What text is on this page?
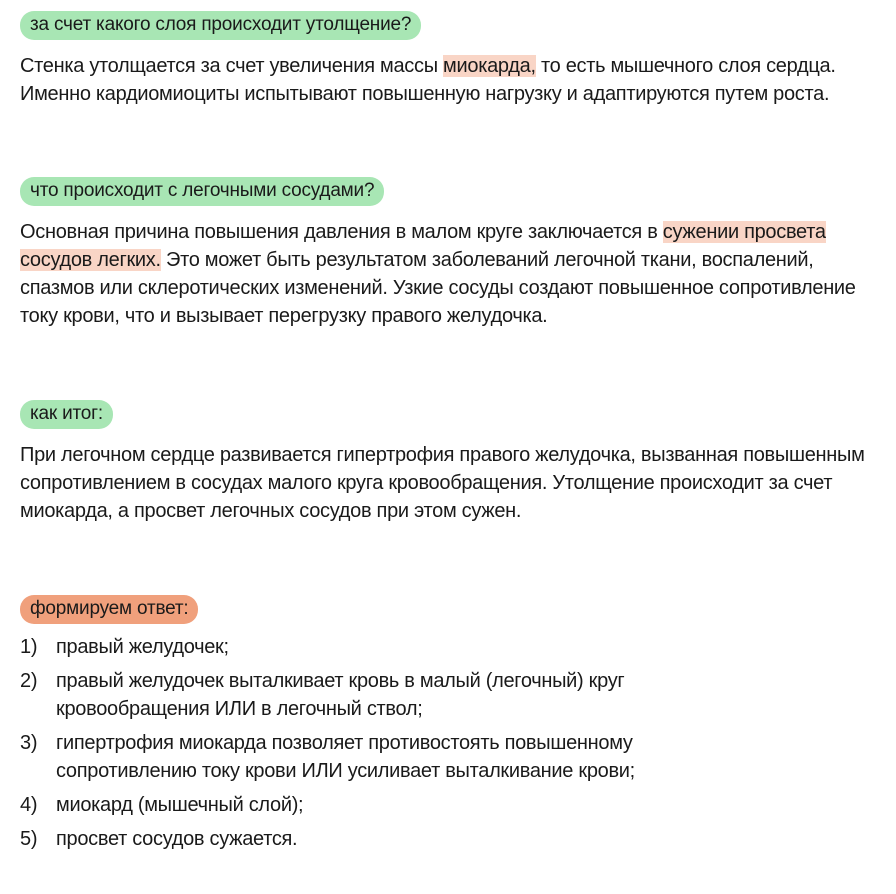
за счет какого слоя происходит утолщение?

Стенка утолщается за счет увеличения массы миокарда, то есть мышечного слоя сердца. Именно кардиомиоциты испытывают повышенную нагрузку и адаптируются путем роста.

что происходит с легочными сосудами?

Основная причина повышения давления в малом круге заключается в сужении просвета сосудов легких. Это может быть результатом заболеваний легочной ткани, воспалений, спазмов или склеротических изменений. Узкие сосуды создают повышенное сопротивление току крови, что и вызывает перегрузку правого желудочка.

как итог:

При легочном сердце развивается гипертрофия правого желудочка, вызванная повышенным сопротивлением в сосудах малого круга кровообращения. Утолщение происходит за счет миокарда, а просвет легочных сосудов при этом сужен.

формируем ответ:
1) правый желудочек;
2) правый желудочек выталкивает кровь в малый (легочный) круг кровообращения ИЛИ в легочный ствол;
3) гипертрофия миокарда позволяет противостоять повышенному сопротивлению току крови ИЛИ усиливает выталкивание крови;
4) миокард (мышечный слой);
5) просвет сосудов сужается.
